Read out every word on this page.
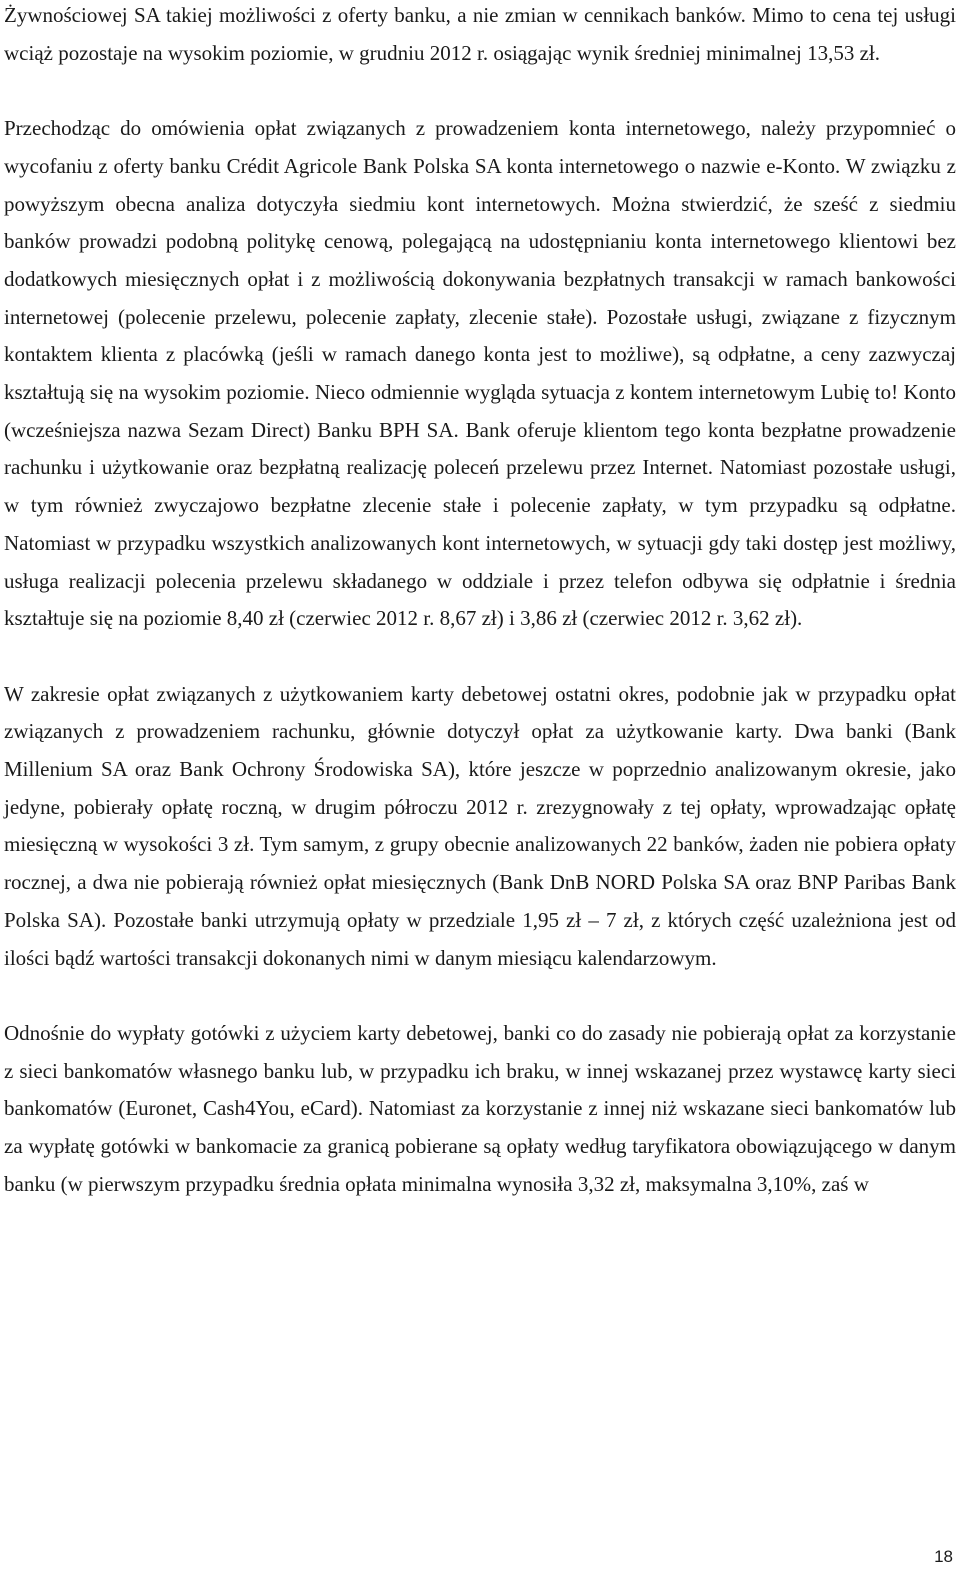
Żywnościowej SA takiej możliwości z oferty banku, a nie zmian w cennikach banków. Mimo to cena tej usługi wciąż pozostaje na wysokim poziomie, w grudniu 2012 r. osiągając wynik średniej minimalnej 13,53 zł.

Przechodząc do omówienia opłat związanych z prowadzeniem konta internetowego, należy przypomnieć o wycofaniu z oferty banku Crédit Agricole Bank Polska SA konta internetowego o nazwie e-Konto. W związku z powyższym obecna analiza dotyczyła siedmiu kont internetowych. Można stwierdzić, że sześć z siedmiu banków prowadzi podobną politykę cenową, polegającą na udostępnianiu konta internetowego klientowi bez dodatkowych miesięcznych opłat i z możliwością dokonywania bezpłatnych transakcji w ramach bankowości internetowej (polecenie przelewu, polecenie zapłaty, zlecenie stałe). Pozostałe usługi, związane z fizycznym kontaktem klienta z placówką (jeśli w ramach danego konta jest to możliwe), są odpłatne, a ceny zazwyczaj kształtują się na wysokim poziomie. Nieco odmiennie wygląda sytuacja z kontem internetowym Lubię to! Konto (wcześniejsza nazwa Sezam Direct) Banku BPH SA. Bank oferuje klientom tego konta bezpłatne prowadzenie rachunku i użytkowanie oraz bezpłatną realizację poleceń przelewu przez Internet. Natomiast pozostałe usługi, w tym również zwyczajowo bezpłatne zlecenie stałe i polecenie zapłaty, w tym przypadku są odpłatne. Natomiast w przypadku wszystkich analizowanych kont internetowych, w sytuacji gdy taki dostęp jest możliwy, usługa realizacji polecenia przelewu składanego w oddziale i przez telefon odbywa się odpłatnie i średnia kształtuje się na poziomie 8,40 zł (czerwiec 2012 r. 8,67 zł) i 3,86 zł (czerwiec 2012 r. 3,62 zł).

W zakresie opłat związanych z użytkowaniem karty debetowej ostatni okres, podobnie jak w przypadku opłat związanych z prowadzeniem rachunku, głównie dotyczył opłat za użytkowanie karty. Dwa banki (Bank Millenium SA oraz Bank Ochrony Środowiska SA), które jeszcze w poprzednio analizowanym okresie, jako jedyne, pobierały opłatę roczną, w drugim półroczu 2012 r. zrezygnowały z tej opłaty, wprowadzając opłatę miesięczną w wysokości 3 zł. Tym samym, z grupy obecnie analizowanych 22 banków, żaden nie pobiera opłaty rocznej, a dwa nie pobierają również opłat miesięcznych (Bank DnB NORD Polska SA oraz BNP Paribas Bank Polska SA). Pozostałe banki utrzymują opłaty w przedziale 1,95 zł – 7 zł, z których część uzależniona jest od ilości bądź wartości transakcji dokonanych nimi w danym miesiącu kalendarzowym.

Odnośnie do wypłaty gotówki z użyciem karty debetowej, banki co do zasady nie pobierają opłat za korzystanie z sieci bankomatów własnego banku lub, w przypadku ich braku, w innej wskazanej przez wystawcę karty sieci bankomatów (Euronet, Cash4You, eCard). Natomiast za korzystanie z innej niż wskazane sieci bankomatów lub za wypłatę gotówki w bankomacie za granicą pobierane są opłaty według taryfikatora obowiązującego w danym banku (w pierwszym przypadku średnia opłata minimalna wynosiła 3,32 zł, maksymalna 3,10%, zaś w

18
